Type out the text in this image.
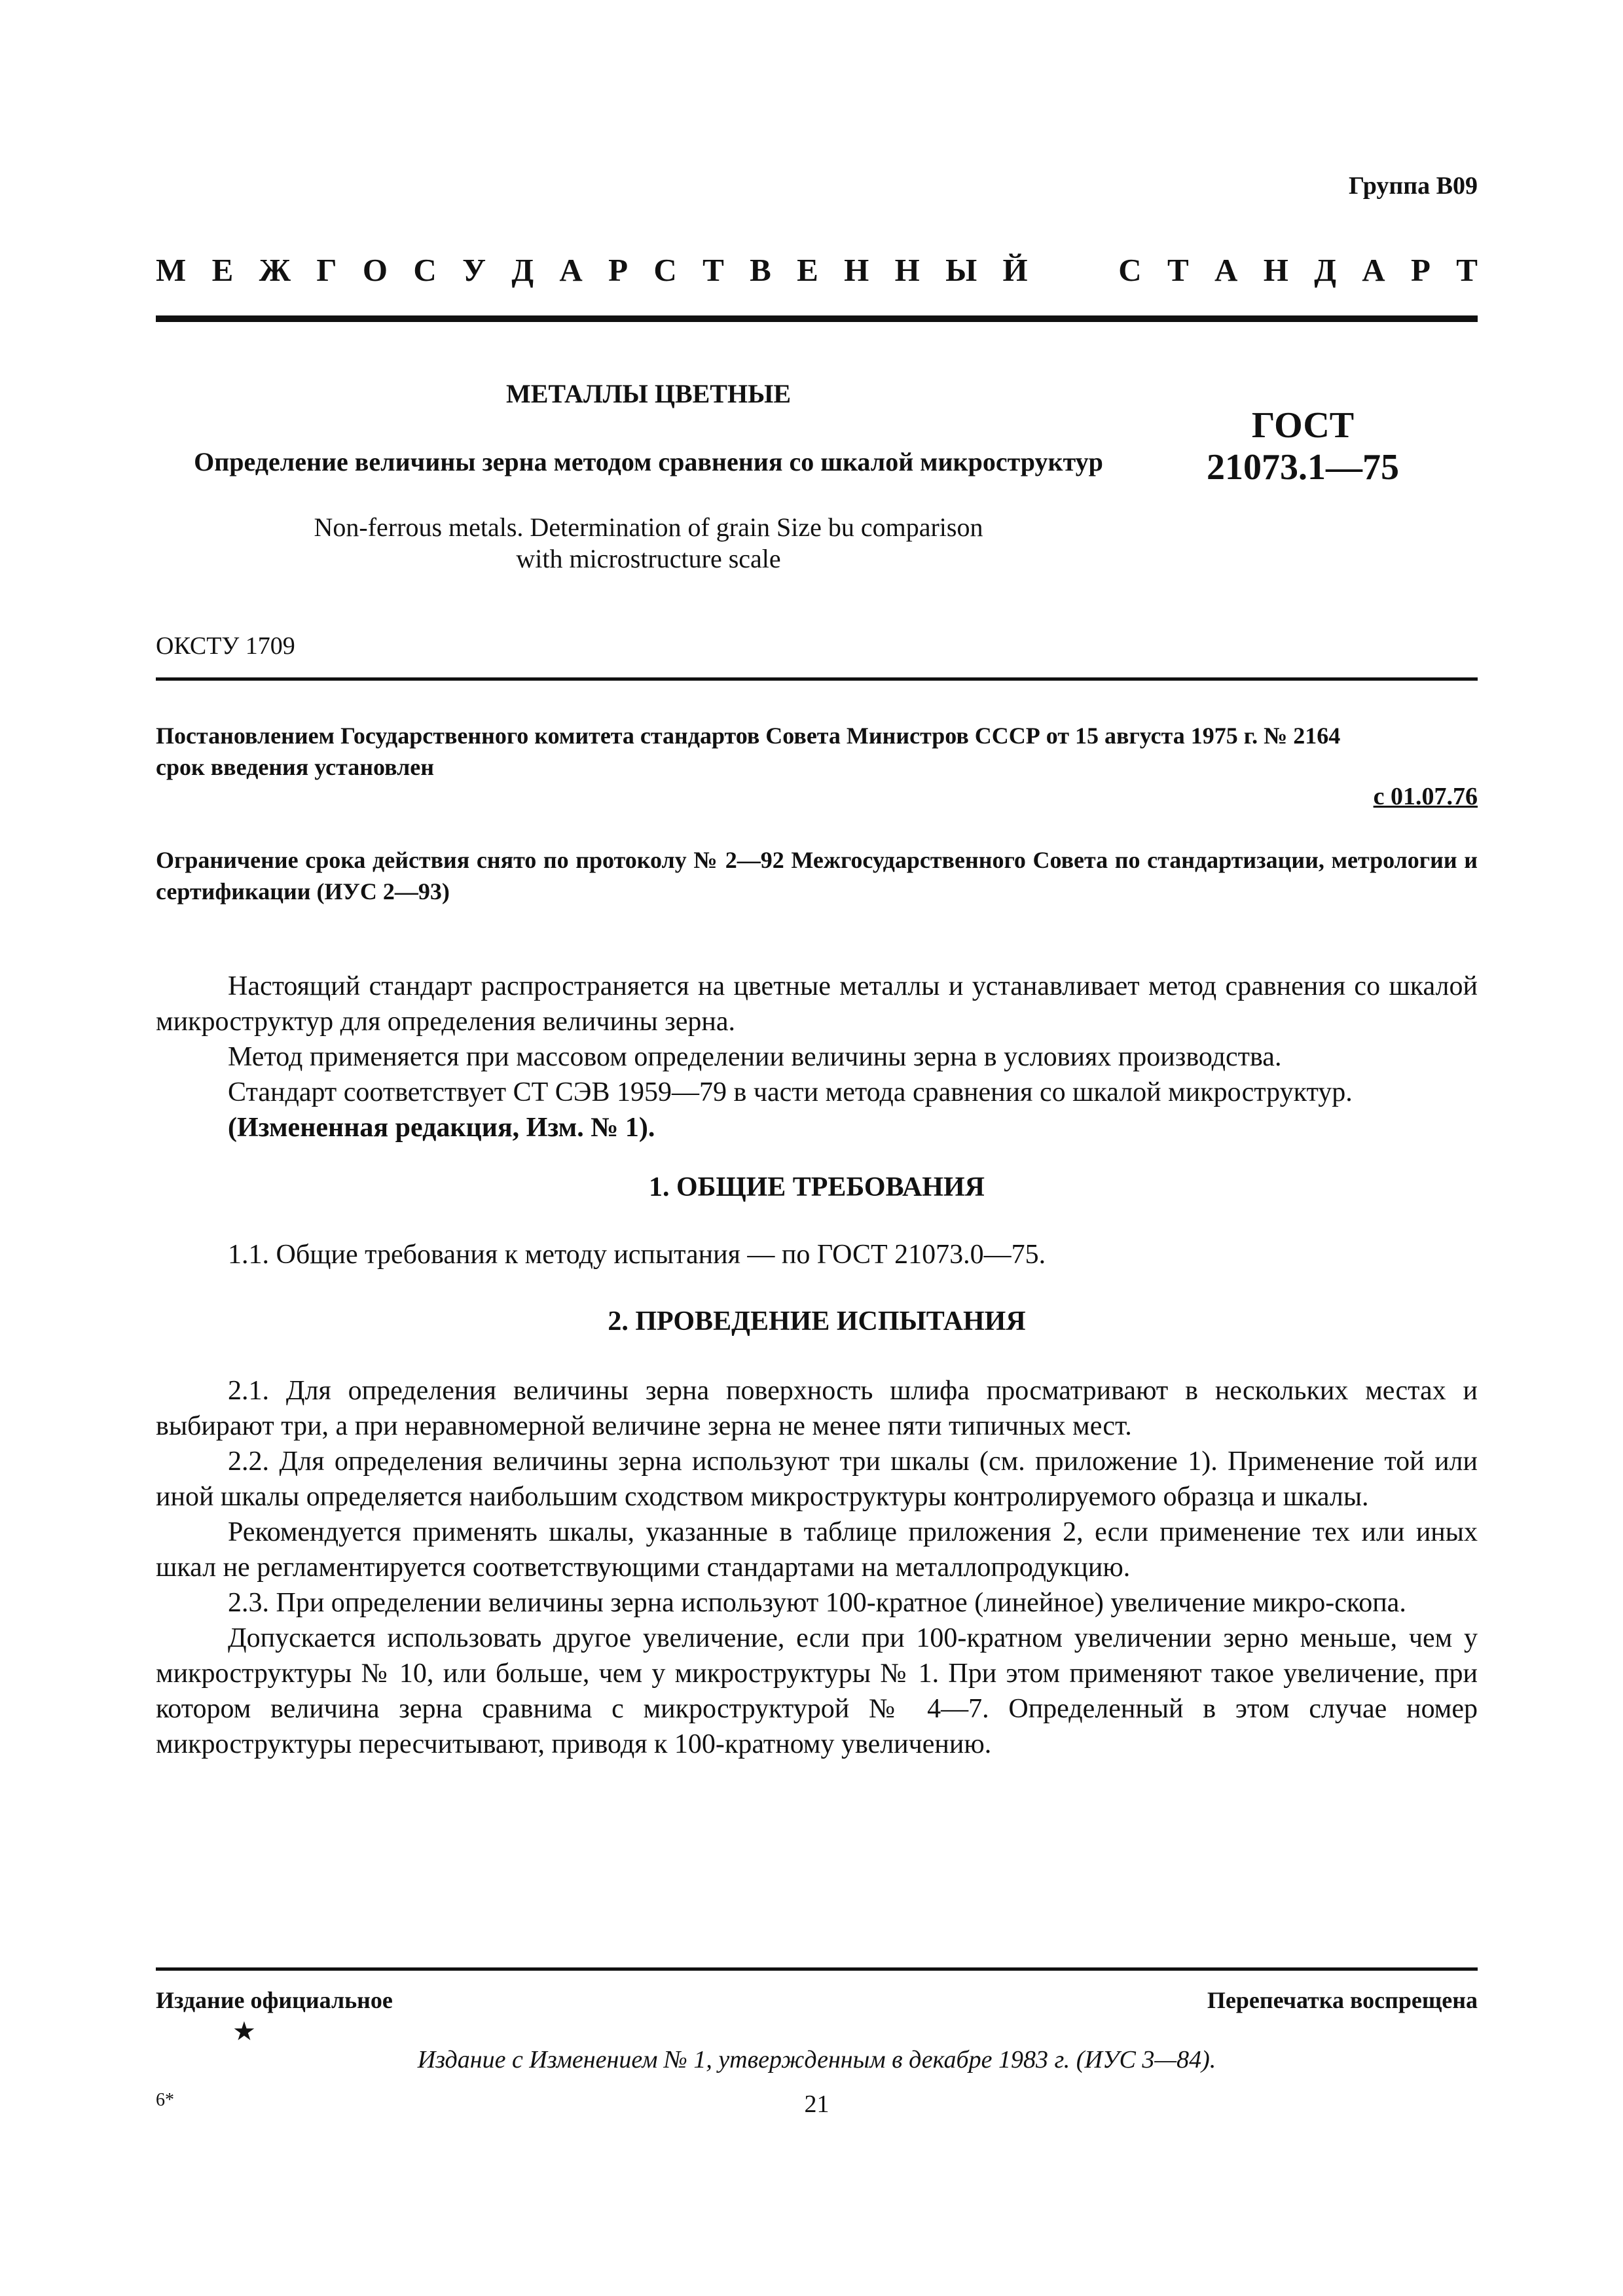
Группа В09
М Е Ж Г О С У Д А Р С Т В Е Н Н Ы Й	С Т А Н Д А Р Т
МЕТАЛЛЫ ЦВЕТНЫЕ
ГОСТ
Определение величины зерна методом сравнения со шкалой микроструктур	21073.1—75
Non-ferrous metals. Determination of grain Size bu comparison
with microstructure scale
ОКСТУ 1709
Постановлением Государственного комитета стандартов Совета Министров СССР от 15 августа 1975 г. № 2164
срок введения установлен
с 01.07.76
Ограничение срока действия снято по протоколу № 2—92 Межгосударственного Совета по стандартизации, метрологии и сертификации (ИУС 2—93)

Настоящий стандарт распространяется на цветные металлы и устанавливает метод сравнения со шкалой микроструктур для определения величины зерна.

Метод применяется при массовом определении величины зерна в условиях производства.

Стандарт соответствует СТ СЭВ 1959—79 в части метода сравнения со шкалой микроструктур.

(Измененная редакция, Изм. № 1).

1. ОБЩИЕ ТРЕБОВАНИЯ

1.1. Общие требования к методу испытания — по ГОСТ 21073.0—75.

2. ПРОВЕДЕНИЕ ИСПЫТАНИЯ

2.1. Для определения величины зерна поверхность шлифа просматривают в нескольких местах и выбирают три, а при неравномерной величине зерна не менее пяти типичных мест.

2.2. Для определения величины зерна используют три шкалы (см. приложение 1). Применение той или иной шкалы определяется наибольшим сходством микроструктуры контролируемого образца и шкалы.

Рекомендуется применять шкалы, указанные в таблице приложения 2, если применение тех или иных шкал не регламентируется соответствующими стандартами на металлопродукцию.

2.3. При определении величины зерна используют 100-кратное (линейное) увеличение микро-скопа.

Допускается использовать другое увеличение, если при 100-кратном увеличении зерно меньше, чем у микроструктуры № 10, или больше, чем у микроструктуры № 1. При этом применяют такое увеличение, при котором величина зерна сравнима с микроструктурой № 4—7. Определенный в этом случае номер микроструктуры пересчитывают, приводя к 100-кратному увеличению.

Издание официальное	Перепечатка воспрещена
★
Издание с Изменением № 1, утвержденным в декабре 1983 г. (ИУС 3—84).
6*	21
